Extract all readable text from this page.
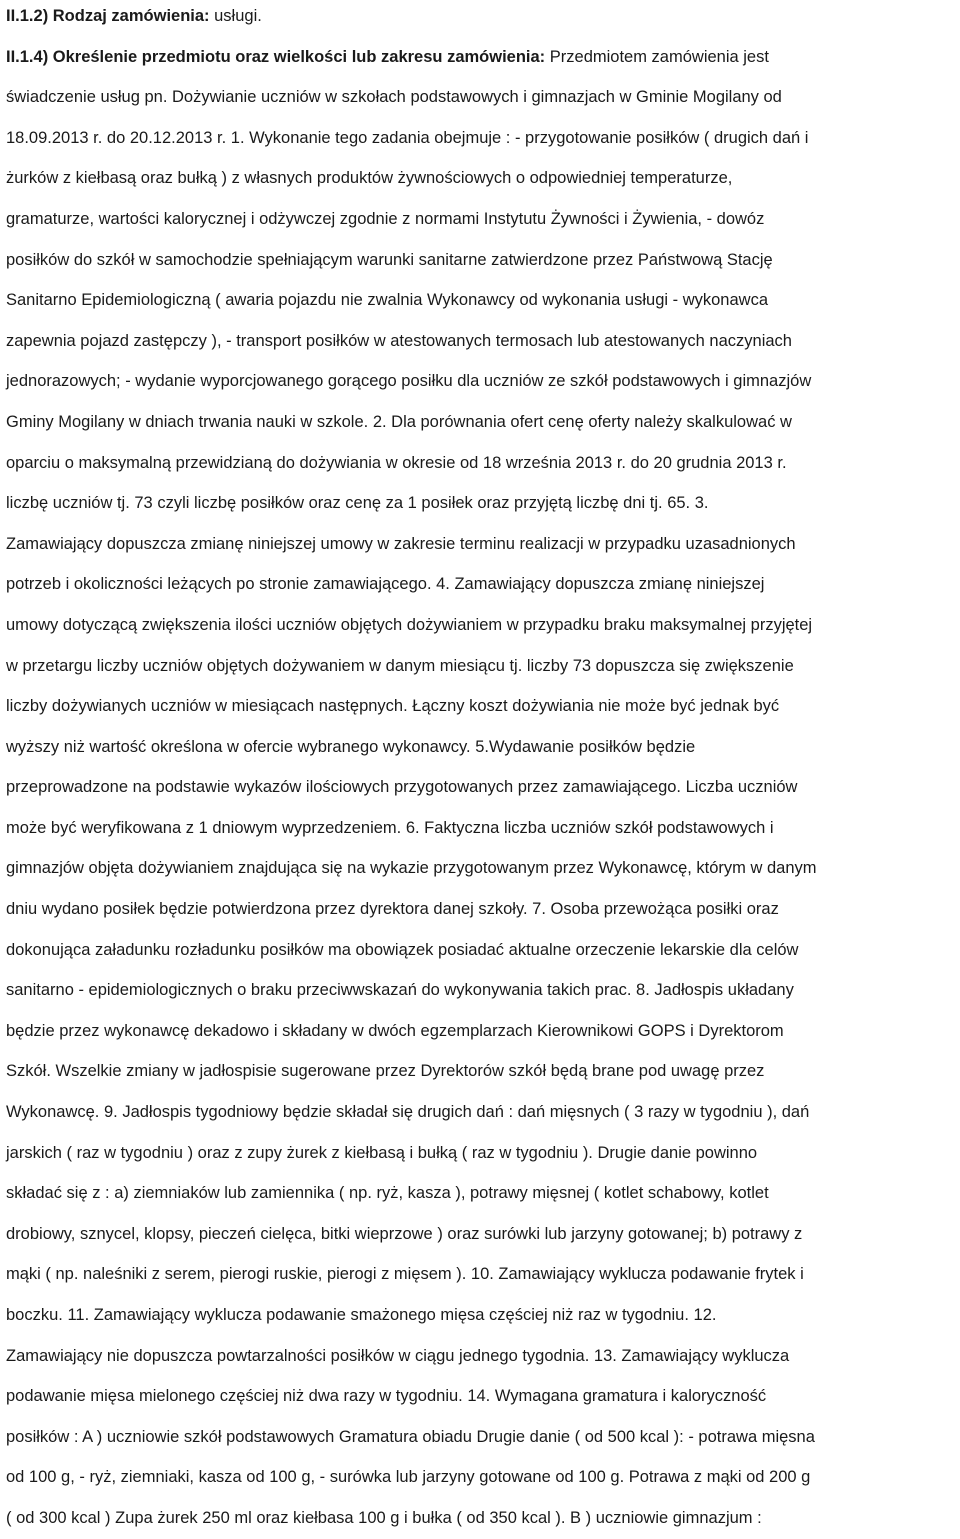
II.1.2) Rodzaj zamówienia: usługi.

II.1.4) Określenie przedmiotu oraz wielkości lub zakresu zamówienia: Przedmiotem zamówienia jest

świadczenie usług pn. Dożywianie uczniów w szkołach podstawowych i gimnazjach w Gminie Mogilany od

18.09.2013 r. do 20.12.2013 r. 1. Wykonanie tego zadania obejmuje : - przygotowanie posiłków ( drugich dań i

żurków z kiełbasą oraz bułką ) z własnych produktów żywnościowych o odpowiedniej temperaturze,

gramaturze, wartości kalorycznej i odżywczej zgodnie z normami Instytutu Żywności i Żywienia, - dowóz

posiłków do szkół w samochodzie spełniającym warunki sanitarne zatwierdzone przez Państwową Stację

Sanitarno Epidemiologiczną ( awaria pojazdu nie zwalnia Wykonawcy od wykonania usługi - wykonawca

zapewnia pojazd zastępczy ), - transport posiłków w atestowanych termosach lub atestowanych naczyniach

jednorazowych; - wydanie wyporcjowanego gorącego posiłku dla uczniów ze szkół podstawowych i gimnazjów

Gminy Mogilany w dniach trwania nauki w szkole. 2. Dla porównania ofert cenę oferty należy skalkulować w

oparciu o maksymalną przewidzianą do dożywiania w okresie od 18 września 2013 r. do 20 grudnia 2013 r.

liczbę uczniów tj. 73 czyli liczbę posiłków oraz cenę za 1 posiłek oraz przyjętą liczbę dni tj. 65. 3.

Zamawiający dopuszcza zmianę niniejszej umowy w zakresie terminu realizacji w przypadku uzasadnionych

potrzeb i okoliczności leżących po stronie zamawiającego. 4. Zamawiający dopuszcza zmianę niniejszej

umowy dotyczącą zwiększenia ilości uczniów objętych dożywianiem w przypadku braku maksymalnej przyjętej

w przetargu liczby uczniów objętych dożywaniem w danym miesiącu tj. liczby 73 dopuszcza się zwiększenie

liczby dożywianych uczniów w miesiącach następnych. Łączny koszt dożywiania nie może być jednak być

wyższy niż wartość określona w ofercie wybranego wykonawcy. 5.Wydawanie posiłków będzie

przeprowadzone na podstawie wykazów ilościowych przygotowanych przez zamawiającego. Liczba uczniów

może być weryfikowana z 1 dniowym wyprzedzeniem. 6. Faktyczna liczba uczniów szkół podstawowych i

gimnazjów objęta dożywianiem znajdująca się na wykazie przygotowanym przez Wykonawcę, którym w danym

dniu wydano posiłek będzie potwierdzona przez dyrektora danej szkoły. 7. Osoba przewożąca posiłki oraz

dokonująca załadunku rozładunku posiłków ma obowiązek posiadać aktualne orzeczenie lekarskie dla celów

sanitarno - epidemiologicznych o braku przeciwwskazań do wykonywania takich prac. 8. Jadłospis układany

będzie przez wykonawcę dekadowo i składany w dwóch egzemplarzach Kierownikowi GOPS i Dyrektorom

Szkół. Wszelkie zmiany w jadłospisie sugerowane przez Dyrektorów szkół będą brane pod uwagę przez

Wykonawcę. 9. Jadłospis tygodniowy będzie składał się drugich dań : dań mięsnych ( 3 razy w tygodniu ), dań

jarskich ( raz w tygodniu ) oraz z zupy żurek z kiełbasą i bułką ( raz w tygodniu ). Drugie danie powinno

składać się z : a) ziemniaków lub zamiennika ( np. ryż, kasza ), potrawy mięsnej ( kotlet schabowy, kotlet

drobiowy, sznycel, klopsy, pieczeń cielęca, bitki wieprzowe ) oraz surówki lub jarzyny gotowanej; b) potrawy z

mąki ( np. naleśniki z serem, pierogi ruskie, pierogi z mięsem ). 10. Zamawiający wyklucza podawanie frytek i

boczku. 11. Zamawiający wyklucza podawanie smażonego mięsa częściej niż raz w tygodniu. 12.

Zamawiający nie dopuszcza powtarzalności posiłków w ciągu jednego tygodnia. 13. Zamawiający wyklucza

podawanie mięsa mielonego częściej niż dwa razy w tygodniu. 14. Wymagana gramatura i kaloryczność

posiłków : A ) uczniowie szkół podstawowych Gramatura obiadu Drugie danie ( od 500 kcal ): - potrawa mięsna

od 100 g, - ryż, ziemniaki, kasza od 100 g, - surówka lub jarzyny gotowane od 100 g. Potrawa z mąki od 200 g

( od 300 kcal ) Zupa żurek 250 ml oraz kiełbasa 100 g i bułka ( od 350 kcal ). B ) uczniowie gimnazjum :
